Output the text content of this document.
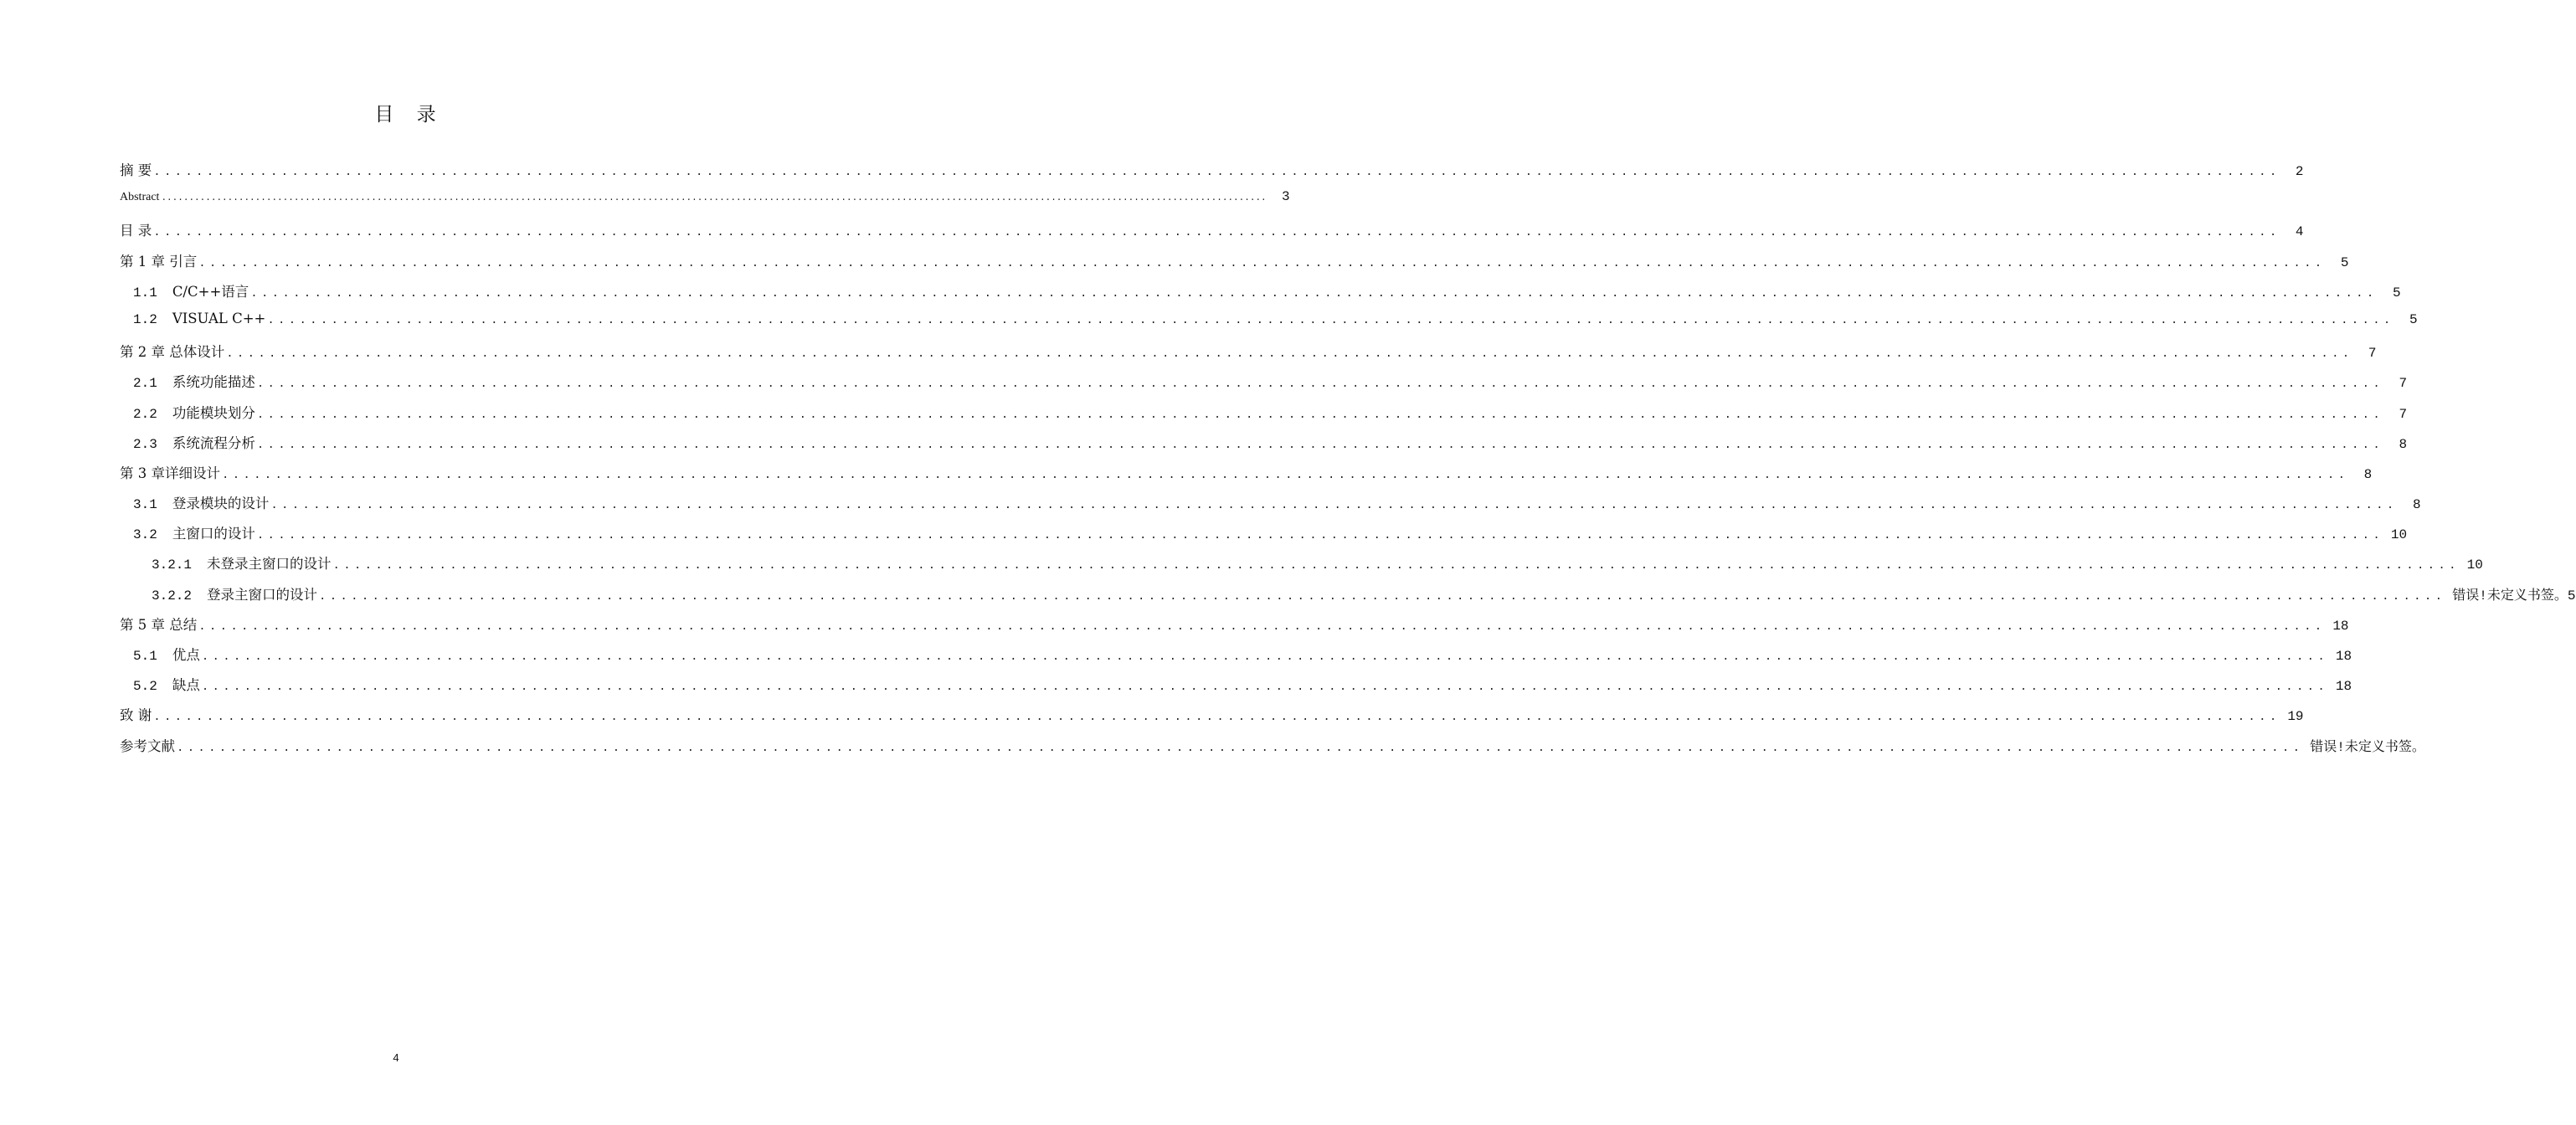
目 录
摘 要 ........................................................................................................................................................................................................	2
Abstract ........................................................................................................................................................................................................	3
目 录 ........................................................................................................................................................................................................	4
第 1 章 引言 ........................................................................................................................................................................................................	5
1.1 C/C++语言 ........................................................................................................................................................................................................	5
1.2 VISUAL C++ ........................................................................................................................................................................................................	5
第 2 章 总体设计 ........................................................................................................................................................................................................	7
2.1 系统功能描述 ........................................................................................................................................................................................................	7
2.2 功能模块划分 ........................................................................................................................................................................................................	7
2.3 系统流程分析 ........................................................................................................................................................................................................	8
第 3 章详细设计 ........................................................................................................................................................................................................	8
3.1 登录模块的设计 ........................................................................................................................................................................................................	8
3.2 主窗口的设计 ........................................................................................................................................................................................................ 10
3.2.1 未登录主窗口的设计 ........................................................................................................................................................................................................ 10
3.2.2 登录主窗口的设计 ........................................................................................................................................................................................................ 错误!未定义书签。5
第 5 章 总结 ........................................................................................................................................................................................................ 18
5.1 优点 ........................................................................................................................................................................................................ 18
5.2 缺点 ........................................................................................................................................................................................................ 18
致 谢 ........................................................................................................................................................................................................ 19
参考文献 ........................................................................................................................................................................................................ 错误!未定义书签。
4
